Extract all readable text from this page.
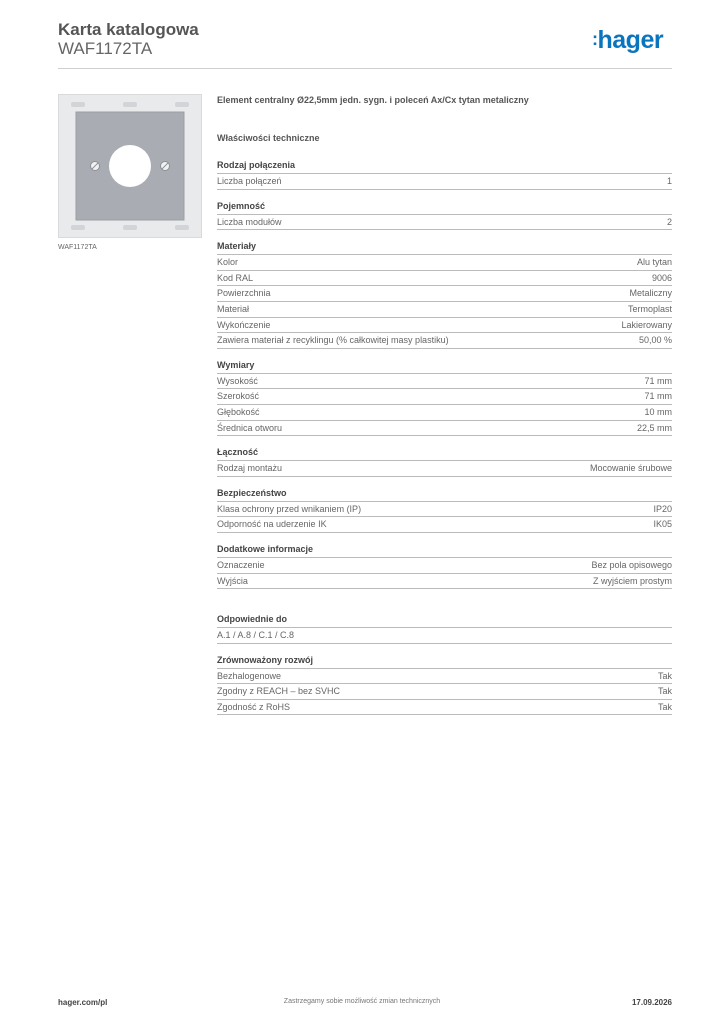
Karta katalogowa
WAF1172TA	:hager
WAF1172TA
Element centralny Ø22,5mm jedn. sygn. i poleceń Ax/Cx tytan metaliczny
Właściwości techniczne
Rodzaj połączenia
Liczba połączeń	1
Pojemność
Liczba modułów	2
Materiały
Kolor	Alu tytan
Kod RAL	9006
Powierzchnia	Metaliczny
Materiał	Termoplast
Wykończenie	Lakierowany
Zawiera materiał z recyklingu (% całkowitej masy plastiku)	50,00 %
Wymiary
Wysokość	71 mm
Szerokość	71 mm
Głębokość	10 mm
Średnica otworu	22,5 mm
Łączność
Rodzaj montażu	Mocowanie śrubowe
Bezpieczeństwo
Klasa ochrony przed wnikaniem (IP)	IP20
Odporność na uderzenie IK	IK05
Dodatkowe informacje
Oznaczenie	Bez pola opisowego
Wyjścia	Z wyjściem prostym
Odpowiednie do
A.1 / A.8 / C.1 / C.8
Zrównoważony rozwój
Bezhalogenowe	Tak
Zgodny z REACH – bez SVHC	Tak
Zgodność z RoHS	Tak
hager.com/pl	Zastrzegamy sobie możliwość zmian technicznych	17.09.2026
